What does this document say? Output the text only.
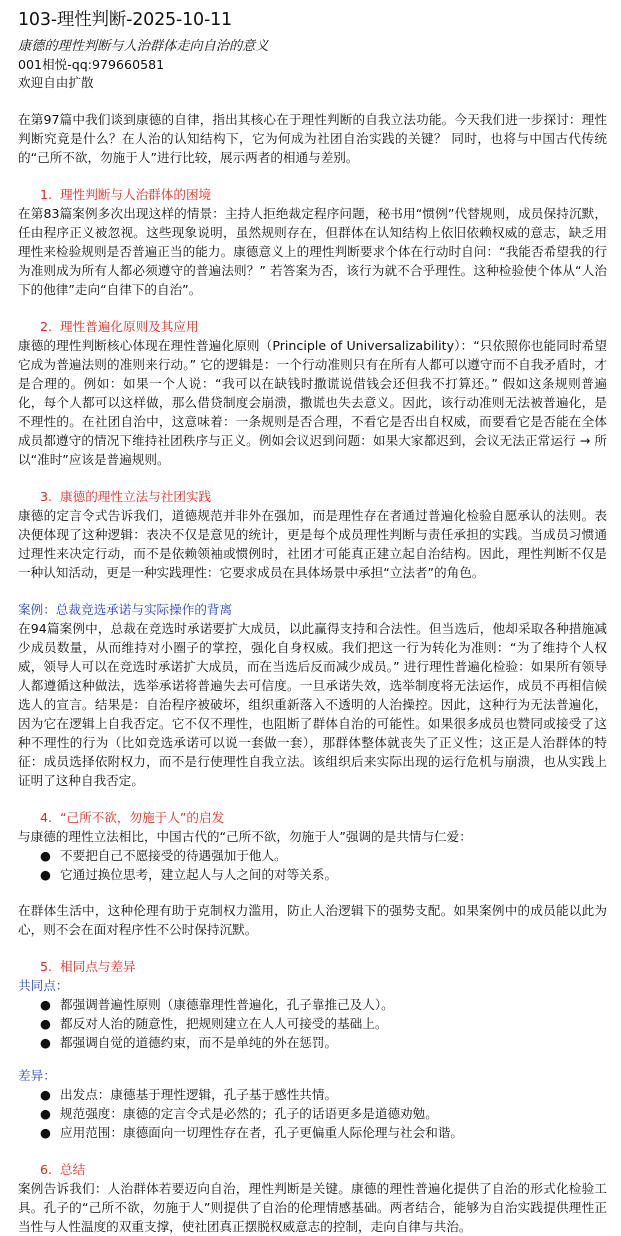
103-理性判断-2025-10-11
康德的理性判断与人治群体走向自治的意义
001相悦-qq:979660581
欢迎自由扩散

在第97篇中我们谈到康德的自律，指出其核心在于理性判断的自我立法功能。今天我们进一步探讨：理性判断究竟是什么？在人治的认知结构下，它为何成为社团自治实践的关键？ 同时，也将与中国古代传统的“己所不欲，勿施于人”进行比较，展示两者的相通与差别。

1. 理性判断与人治群体的困境

在第83篇案例多次出现这样的情景：主持人拒绝裁定程序问题，秘书用“惯例”代替规则，成员保持沉默，任由程序正义被忽视。这些现象说明，虽然规则存在，但群体在认知结构上依旧依赖权威的意志，缺乏用理性来检验规则是否普遍正当的能力。康德意义上的理性判断要求个体在行动时自问：“我能否希望我的行为准则成为所有人都必须遵守的普遍法则？” 若答案为否，该行为就不合乎理性。这种检验使个体从“人治下的他律”走向“自律下的自治”。

2. 理性普遍化原则及其应用

康德的理性判断核心体现在理性普遍化原则（Principle of Universalizability）：“只依照你也能同时希望它成为普遍法则的准则来行动。” 它的逻辑是：一个行动准则只有在所有人都可以遵守而不自我矛盾时，才是合理的。例如：如果一个人说：“我可以在缺钱时撒谎说借钱会还但我不打算还。” 假如这条规则普遍化，每个人都可以这样做，那么借贷制度会崩溃，撒谎也失去意义。因此，该行动准则无法被普遍化，是不理性的。在社团自治中，这意味着：一条规则是否合理，不看它是否出自权威，而要看它是否能在全体成员都遵守的情况下维持社团秩序与正义。例如会议迟到问题：如果大家都迟到，会议无法正常运行 → 所以“准时”应该是普遍规则。

3. 康德的理性立法与社团实践

康德的定言令式告诉我们，道德规范并非外在强加，而是理性存在者通过普遍化检验自愿承认的法则。表决便体现了这种逻辑：表决不仅是意见的统计，更是每个成员理性判断与责任承担的实践。当成员习惯通过理性来决定行动，而不是依赖领袖或惯例时，社团才可能真正建立起自治结构。因此，理性判断不仅是一种认知活动，更是一种实践理性：它要求成员在具体场景中承担“立法者”的角色。

案例：总裁竞选承诺与实际操作的背离

在94篇案例中，总裁在竞选时承诺要扩大成员，以此赢得支持和合法性。但当选后，他却采取各种措施减少成员数量，从而维持对小圈子的掌控，强化自身权威。我们把这一行为转化为准则：“为了维持个人权威，领导人可以在竞选时承诺扩大成员，而在当选后反而减少成员。” 进行理性普遍化检验：如果所有领导人都遵循这种做法，选举承诺将普遍失去可信度。一旦承诺失效，选举制度将无法运作，成员不再相信候选人的宣言。结果是：自治程序被破坏，组织重新落入不透明的人治操控。因此，这种行为无法普遍化，因为它在逻辑上自我否定。它不仅不理性，也阻断了群体自治的可能性。如果很多成员也赞同或接受了这种不理性的行为（比如竞选承诺可以说一套做一套），那群体整体就丧失了正义性；这正是人治群体的特征：成员选择依附权力，而不是行使理性自我立法。该组织后来实际出现的运行危机与崩溃，也从实践上证明了这种自我否定。

4. “己所不欲，勿施于人”的启发

与康德的理性立法相比，中国古代的“己所不欲，勿施于人”强调的是共情与仁爱：

● 不要把自己不愿接受的待遇强加于他人。
● 它通过换位思考，建立起人与人之间的对等关系。

在群体生活中，这种伦理有助于克制权力滥用，防止人治逻辑下的强势支配。如果案例中的成员能以此为心，则不会在面对程序性不公时保持沉默。

5. 相同点与差异
共同点：
● 都强调普遍性原则（康德靠理性普遍化，孔子靠推己及人）。
● 都反对人治的随意性，把规则建立在人人可接受的基础上。
● 都强调自觉的道德约束，而不是单纯的外在惩罚。
差异：
● 出发点：康德基于理性逻辑，孔子基于感性共情。
● 规范强度：康德的定言令式是必然的；孔子的话语更多是道德劝勉。
● 应用范围：康德面向一切理性存在者，孔子更偏重人际伦理与社会和谐。
6. 总结

案例告诉我们：人治群体若要迈向自治，理性判断是关键。康德的理性普遍化提供了自治的形式化检验工具。孔子的“己所不欲，勿施于人”则提供了自治的伦理情感基础。两者结合，能够为自治实践提供理性正当性与人性温度的双重支撑，使社团真正摆脱权威意志的控制，走向自律与共治。
